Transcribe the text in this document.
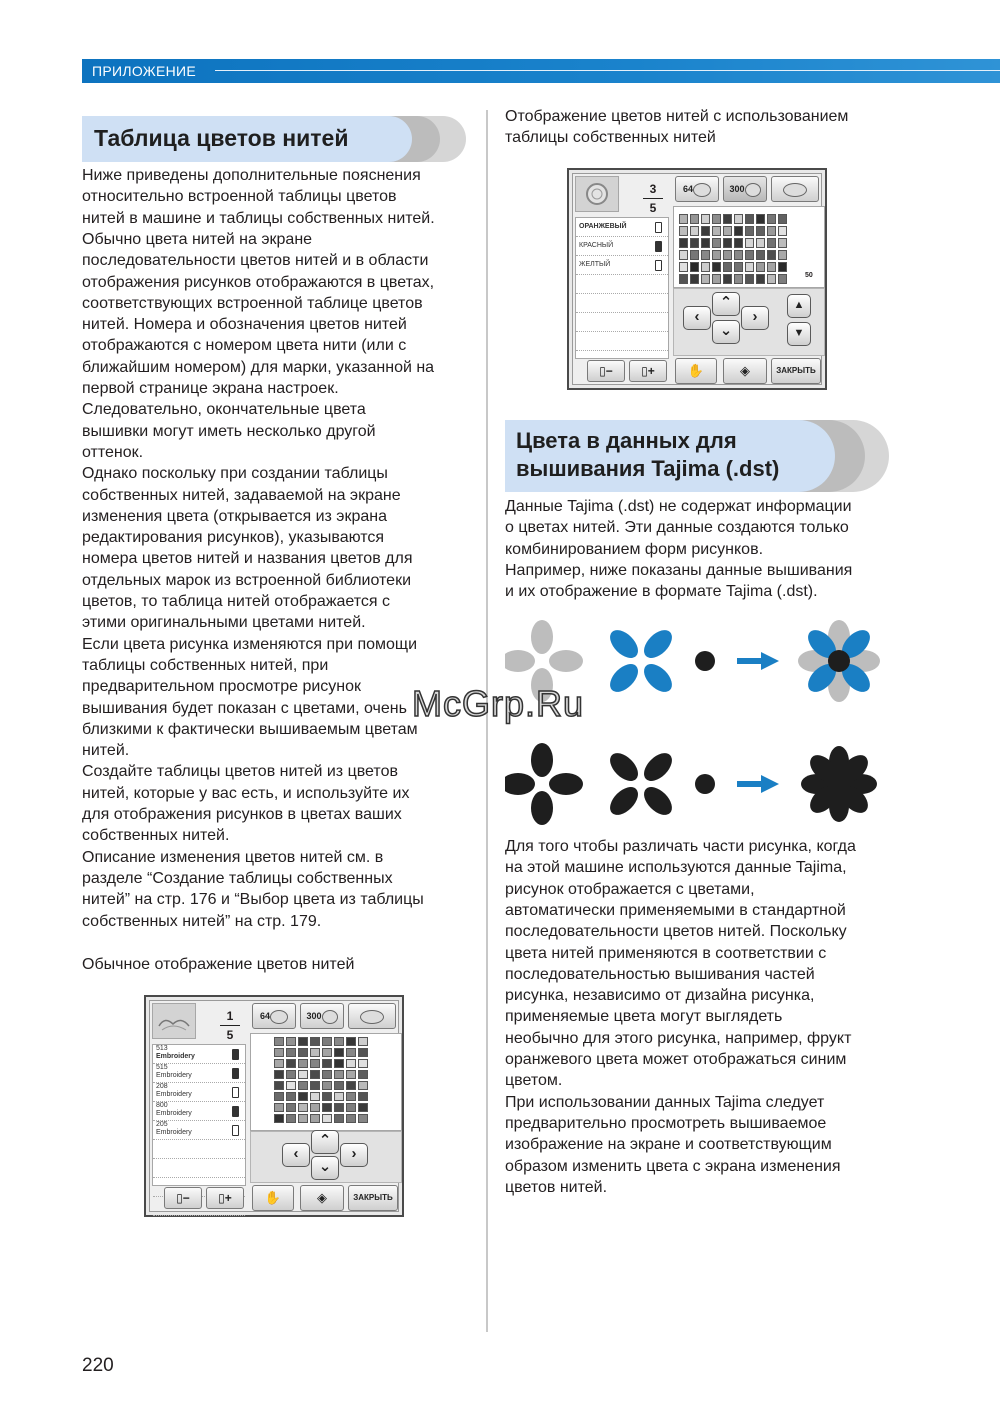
ПРИЛОЖЕНИЕ
Таблица цветов нитей
Ниже приведены дополнительные пояснения
относительно встроенной таблицы цветов
нитей в машине и таблицы собственных нитей.
Обычно цвета нитей на экране
последовательности цветов нитей и в области
отображения рисунков отображаются в цветах,
соответствующих встроенной таблице цветов
нитей. Номера и обозначения цветов нитей
отображаются с номером цвета нити (или с
ближайшим номером) для марки, указанной на
первой странице экрана настроек.
Следовательно, окончательные цвета
вышивки могут иметь несколько другой
оттенок.
Однако поскольку при создании таблицы
собственных нитей, задаваемой на экране
изменения цвета (открывается из экрана
редактирования рисунков), указываются
номера цветов нитей и названия цветов для
отдельных марок из встроенной библиотеки
цветов, то таблица нитей отображается с
этими оригинальными цветами нитей.
Если цвета рисунка изменяются при помощи
таблицы собственных нитей, при
предварительном просмотре рисунок
вышивания будет показан с цветами, очень
близкими к фактически вышиваемым цветам
нитей.
Создайте таблицы цветов нитей из цветов
нитей, которые у вас есть, и используйте их
для отображения рисунков в цветах ваших
собственных нитей.
Описание изменения цветов нитей см. в
разделе “Создание таблицы собственных
нитей” на стр. 176 и “Выбор цвета из таблицы
собственных нитей” на стр. 179.
Обычное отображение цветов нитей
1
5
513
Embroidery
515
Embroidery
208
Embroidery
800
Embroidery
205
Embroidery
64	300
⌃
‹	›
⌄
▯−	▯+	✋	◈	ЗАКРЫТЬ
Отображение цветов нитей с использованием
таблицы собственных нитей
3
5
ОРАНЖЕВЫЙ
КРАСНЫЙ
ЖЕЛТЫЙ
64	300
50
⌃
‹	›
⌄
▲
▼
▯−	▯+	✋	◈	ЗАКРЫТЬ
Цвета в данных для
вышивания Tajima (.dst)
Данные Tajima (.dst) не содержат информации
о цветах нитей. Эти данные создаются только
комбинированием форм рисунков.
Например, ниже показаны данные вышивания
и их отображение в формате Tajima (.dst).
Для того чтобы различать части рисунка, когда
на этой машине используются данные Tajima,
рисунок отображается с цветами,
автоматически применяемыми в стандартной
последовательности цветов нитей. Поскольку
цвета нитей применяются в соответствии с
последовательностью вышивания частей
рисунка, независимо от дизайна рисунка,
применяемые цвета могут выглядеть
необычно для этого рисунка, например, фрукт
оранжевого цвета может отображаться синим
цветом.
При использовании данных Tajima следует
предварительно просмотреть вышиваемое
изображение на экране и соответствующим
образом изменить цвета с экрана изменения
цветов нитей.
McGrp.Ru
220
